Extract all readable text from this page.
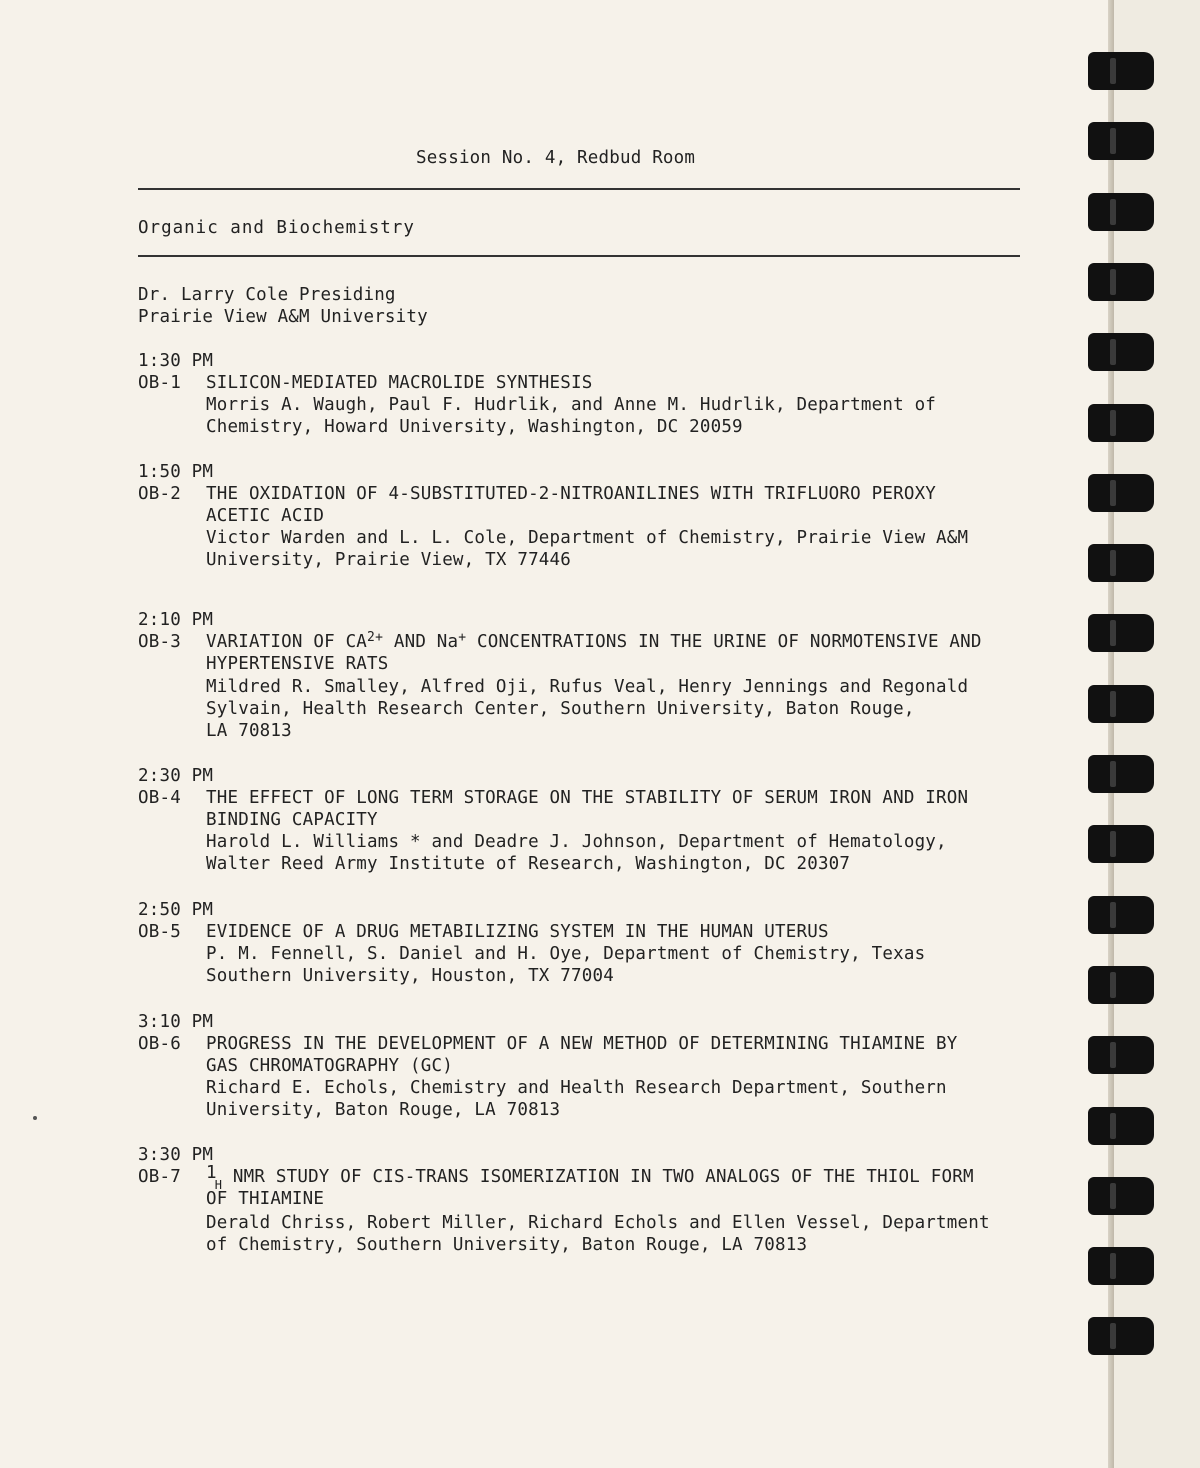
Session No. 4, Redbud Room
Organic and Biochemistry
Dr. Larry Cole Presiding
Prairie View A&M University
1:30 PM
OB-1 SILICON-MEDIATED MACROLIDE SYNTHESIS
Morris A. Waugh, Paul F. Hudrlik, and Anne M. Hudrlik, Department of
Chemistry, Howard University, Washington, DC 20059
1:50 PM
OB-2 THE OXIDATION OF 4-SUBSTITUTED-2-NITROANILINES WITH TRIFLUORO PEROXY
ACETIC ACID
Victor Warden and L. L. Cole, Department of Chemistry, Prairie View A&M
University, Prairie View, TX 77446
2:10 PM
OB-3 VARIATION OF $CA^{2+}$ AND Na+ CONCENTRATIONS IN THE URINE OF NORMOTENSIVE AND
HYPERTENSIVE RATS
Mildred R. Smalley, Alfred Oji, Rufus Veal, Henry Jennings and Regonald
Sylvain, Health Research Center, Southern University, Baton Rouge,
LA 70813
2:30 PM
OB-4 THE EFFECT OF LONG TERM STORAGE ON THE STABILITY OF SERUM IRON AND IRON
BINDING CAPACITY
Harold L. Williams * and Deadre J. Johnson, Department of Hematology,
Walter Reed Army Institute of Research, Washington, DC 20307
2:50 PM
OB-5 EVIDENCE OF A DRUG METABILIZING SYSTEM IN THE HUMAN UTERUS
P. M. Fennell, S. Daniel and H. Oye, Department of Chemistry, Texas
Southern University, Houston, TX 77004
3:10 PM
OB-6 PROGRESS IN THE DEVELOPMENT OF A NEW METHOD OF DETERMINING THIAMINE BY
GAS CHROMATOGRAPHY (GC)
Richard E. Echols, Chemistry and Health Research Department, Southern
University, Baton Rouge, LA 70813
3:30 PM
OB-7 $1_H$ NMR STUDY OF CIS-TRANS ISOMERIZATION IN TWO ANALOGS OF THE THIOL FORM
OF THIAMINE
Derald Chriss, Robert Miller, Richard Echols and Ellen Vessel, Department
of Chemistry, Southern University, Baton Rouge, LA 70813
